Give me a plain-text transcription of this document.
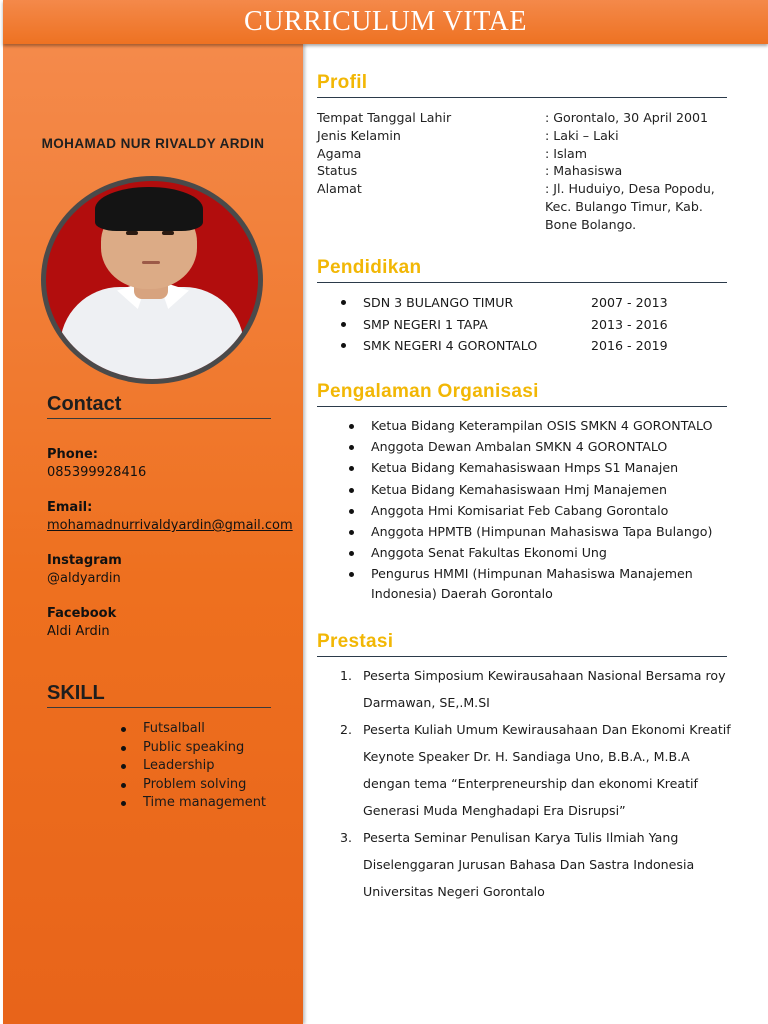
CURRICULUM VITAE
MOHAMAD NUR RIVALDY ARDIN
Contact
Phone:
085399928416
Email:
mohamadnurrivaldyardin@gmail.com
Instagram
@aldyardin
Facebook
Aldi Ardin
SKILL
Futsalball
Public speaking
Leadership
Problem solving
Time management
Profil
Tempat Tanggal Lahir	: Gorontalo, 30 April 2001
Jenis Kelamin	: Laki – Laki
Agama	: Islam
Status	: Mahasiswa
Alamat	: Jl. Huduiyo, Desa Popodu, Kec. Bulango Timur, Kab. Bone Bolango.
Pendidikan
SDN 3 BULANGO TIMUR	2007 - 2013
SMP NEGERI 1 TAPA	2013 - 2016
SMK NEGERI 4 GORONTALO	2016 - 2019
Pengalaman Organisasi
Ketua Bidang Keterampilan OSIS SMKN 4 GORONTALO
Anggota Dewan Ambalan SMKN 4 GORONTALO
Ketua Bidang Kemahasiswaan Hmps S1 Manajen
Ketua Bidang Kemahasiswaan Hmj Manajemen
Anggota Hmi Komisariat Feb Cabang Gorontalo
Anggota HPMTB (Himpunan Mahasiswa Tapa Bulango)
Anggota Senat Fakultas Ekonomi Ung
Pengurus HMMI (Himpunan Mahasiswa Manajemen Indonesia) Daerah Gorontalo
Prestasi
1. Peserta Simposium Kewirausahaan Nasional Bersama roy Darmawan, SE,.M.SI
2. Peserta Kuliah Umum Kewirausahaan Dan Ekonomi Kreatif Keynote Speaker Dr. H. Sandiaga Uno, B.B.A., M.B.A dengan tema “Enterpreneurship dan ekonomi Kreatif Generasi Muda Menghadapi Era Disrupsi”
3. Peserta Seminar Penulisan Karya Tulis Ilmiah Yang Diselenggaran Jurusan Bahasa Dan Sastra Indonesia Universitas Negeri Gorontalo
